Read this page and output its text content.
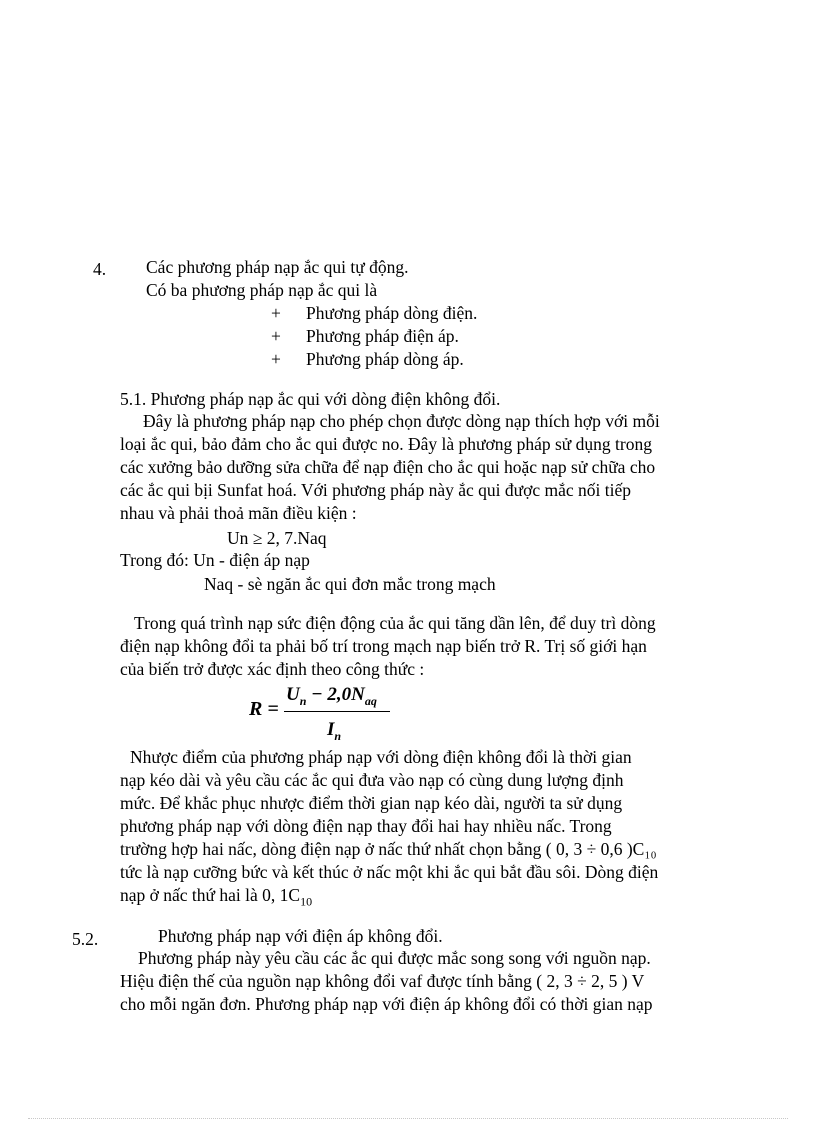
4. Các phương pháp nạp ắc qui tự động.
Có ba phương pháp nạp ắc qui là
+ Phương pháp dòng điện.
+ Phương pháp điện áp.
+ Phương pháp dòng áp.
5.1. Phương pháp nạp ắc qui với dòng điện không đổi.
Đây là phương pháp nạp cho phép chọn được dòng nạp thích hợp với mỗi
loại ắc qui, bảo đảm cho ắc qui được no. Đây là phương pháp sử dụng trong
các xưởng bảo dưỡng sửa chữa để nạp điện cho ắc qui hoặc nạp sử chữa cho
các ắc qui bịi Sunfat hoá. Với phương pháp này ắc qui được mắc nối tiếp
nhau và phải thoả mãn điều kiện :
Un ≥ 2, 7.Naq
Trong đó: Un - điện áp nạp
Naq - sè ngăn ắc qui đơn mắc trong mạch
Trong quá trình nạp sức điện động của ắc qui tăng dần lên, để duy trì dòng
điện nạp không đổi ta phải bố trí trong mạch nạp biến trở R. Trị số giới hạn
của biến trở được xác định theo công thức :
R =
$U_n - 2,0N_{aq}$
$I_n$
Nhược điểm của phương pháp nạp với dòng điện không đổi là thời gian
nạp kéo dài và yêu cầu các ắc qui đưa vào nạp có cùng dung lượng định
mức. Để khắc phục nhược điểm thời gian nạp kéo dài, người ta sử dụng
phương pháp nạp với dòng điện nạp thay đổi hai hay nhiều nấc. Trong
trường hợp hai nấc, dòng điện nạp ở nấc thứ nhất chọn bằng ( 0, 3 ÷ 0,6 )C₁₀
tức là nạp cưỡng bức và kết thúc ở nấc một khi ắc qui bắt đầu sôi. Dòng điện
nạp ở nấc thứ hai là 0, $1C_{10}$
5.2.	Phương pháp nạp với điện áp không đổi.
Phương pháp này yêu cầu các ắc qui được mắc song song với nguồn nạp.
Hiệu điện thế của nguồn nạp không đổi vaf được tính bằng ( 2, 3 ÷ 2, 5 ) V
cho mỗi ngăn đơn. Phương pháp nạp với điện áp không đổi có thời gian nạp
